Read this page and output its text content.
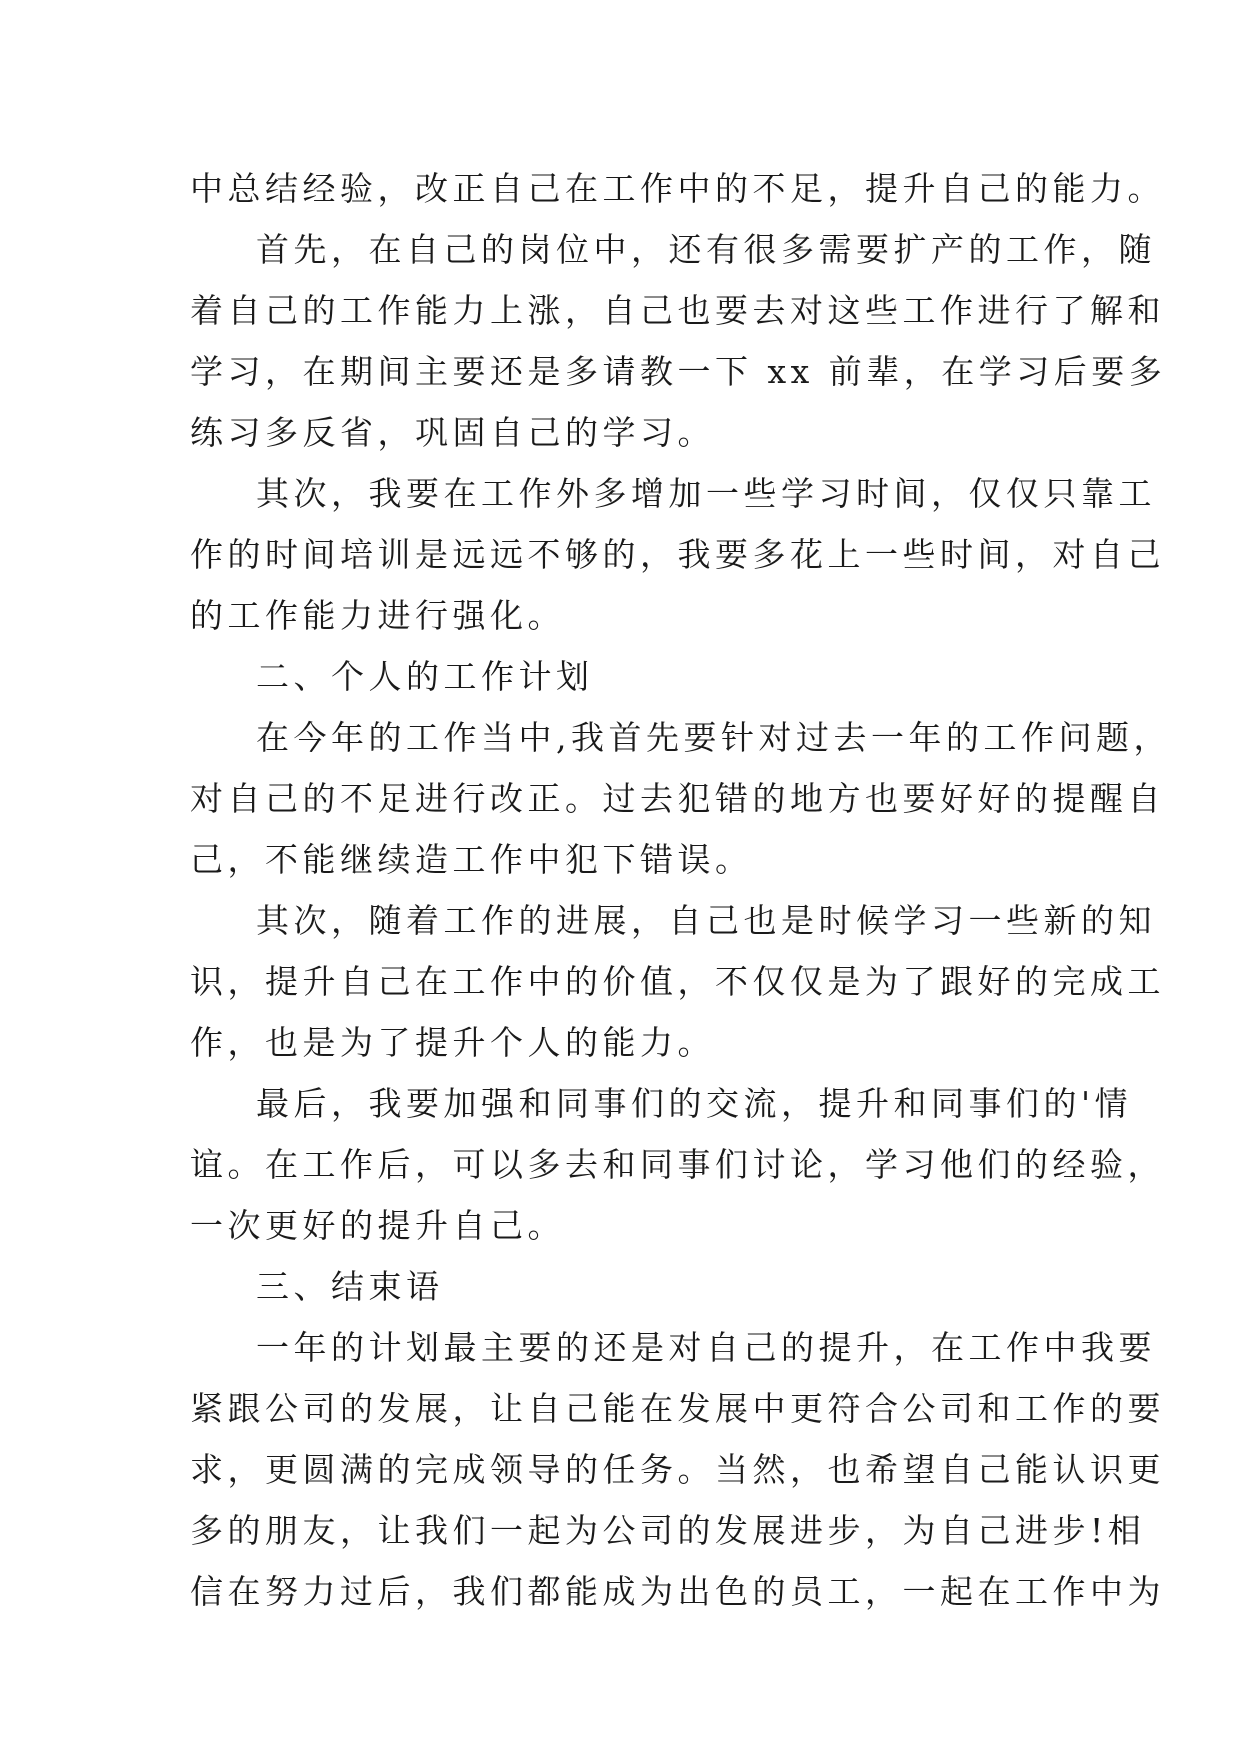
中总结经验，改正自己在工作中的不足，提升自己的能力。

首先，在自己的岗位中，还有很多需要扩产的工作，随

着自己的工作能力上涨，自己也要去对这些工作进行了解和
学习，在期间主要还是多请教一下 xx 前辈，在学习后要多
练习多反省，巩固自己的学习。

其次，我要在工作外多增加一些学习时间，仅仅只靠工

作的时间培训是远远不够的，我要多花上一些时间，对自己
的工作能力进行强化。

二、个人的工作计划

在今年的工作当中,我首先要针对过去一年的工作问题，

对自己的不足进行改正。过去犯错的地方也要好好的提醒自
己，不能继续造工作中犯下错误。

其次，随着工作的进展，自己也是时候学习一些新的知

识，提升自己在工作中的价值，不仅仅是为了跟好的完成工
作，也是为了提升个人的能力。

最后，我要加强和同事们的交流，提升和同事们的'情

谊。在工作后，可以多去和同事们讨论，学习他们的经验，
一次更好的提升自己。

三、结束语

一年的计划最主要的还是对自己的提升，在工作中我要

紧跟公司的发展，让自己能在发展中更符合公司和工作的要
求，更圆满的完成领导的任务。当然，也希望自己能认识更
多的朋友，让我们一起为公司的发展进步，为自己进步!相
信在努力过后，我们都能成为出色的员工，一起在工作中为
